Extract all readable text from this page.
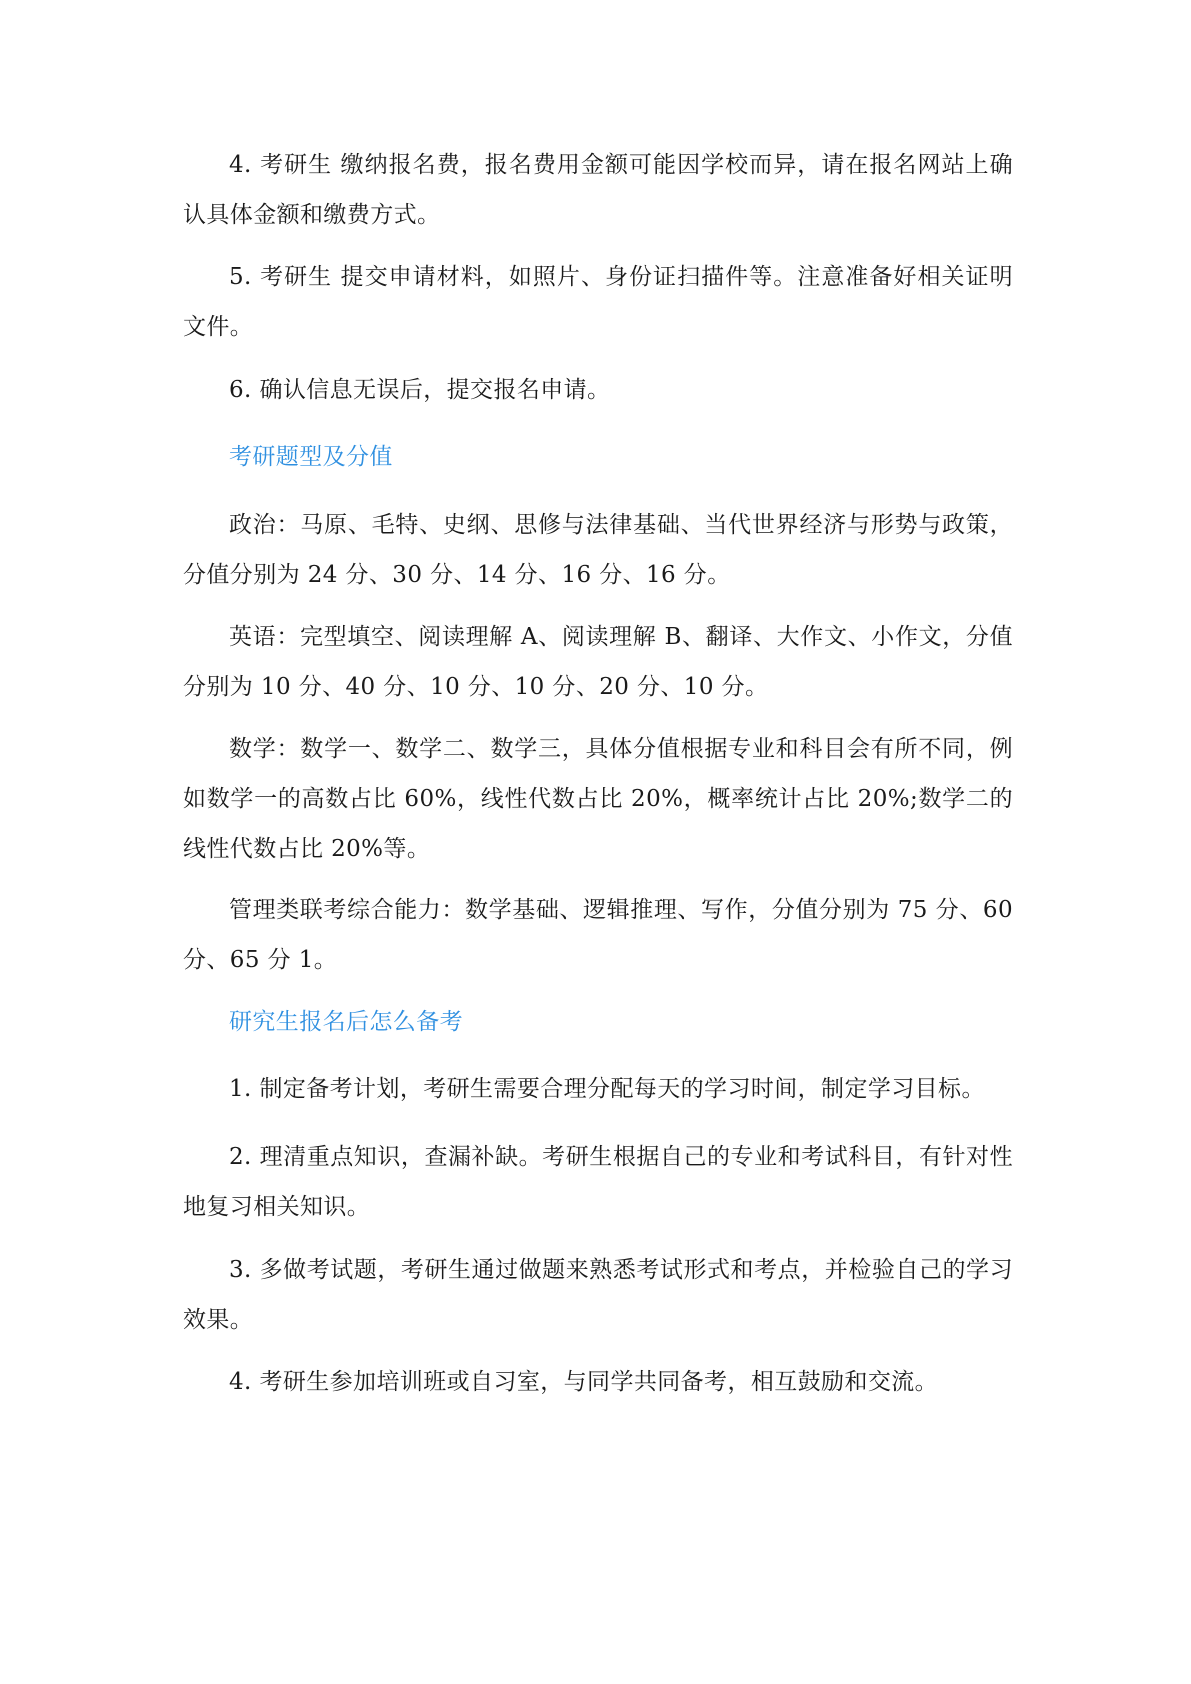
4. 考研生 缴纳报名费，报名费用金额可能因学校而异，请在报名网站上确认具体金额和缴费方式。

5. 考研生 提交申请材料，如照片、身份证扫描件等。注意准备好相关证明文件。

6. 确认信息无误后，提交报名申请。

考研题型及分值

政治：马原、毛特、史纲、思修与法律基础、当代世界经济与形势与政策，分值分别为 24 分、30 分、14 分、16 分、16 分。

英语：完型填空、阅读理解 A、阅读理解 B、翻译、大作文、小作文，分值分别为 10 分、40 分、10 分、10 分、20 分、10 分。

数学：数学一、数学二、数学三，具体分值根据专业和科目会有所不同，例如数学一的高数占比 60%，线性代数占比 20%，概率统计占比 20%;数学二的线性代数占比 20%等。

管理类联考综合能力：数学基础、逻辑推理、写作，分值分别为 75 分、60 分、65 分 1。

研究生报名后怎么备考

1. 制定备考计划，考研生需要合理分配每天的学习时间，制定学习目标。

2. 理清重点知识，查漏补缺。考研生根据自己的专业和考试科目，有针对性地复习相关知识。

3. 多做考试题，考研生通过做题来熟悉考试形式和考点，并检验自己的学习效果。

4. 考研生参加培训班或自习室，与同学共同备考，相互鼓励和交流。
